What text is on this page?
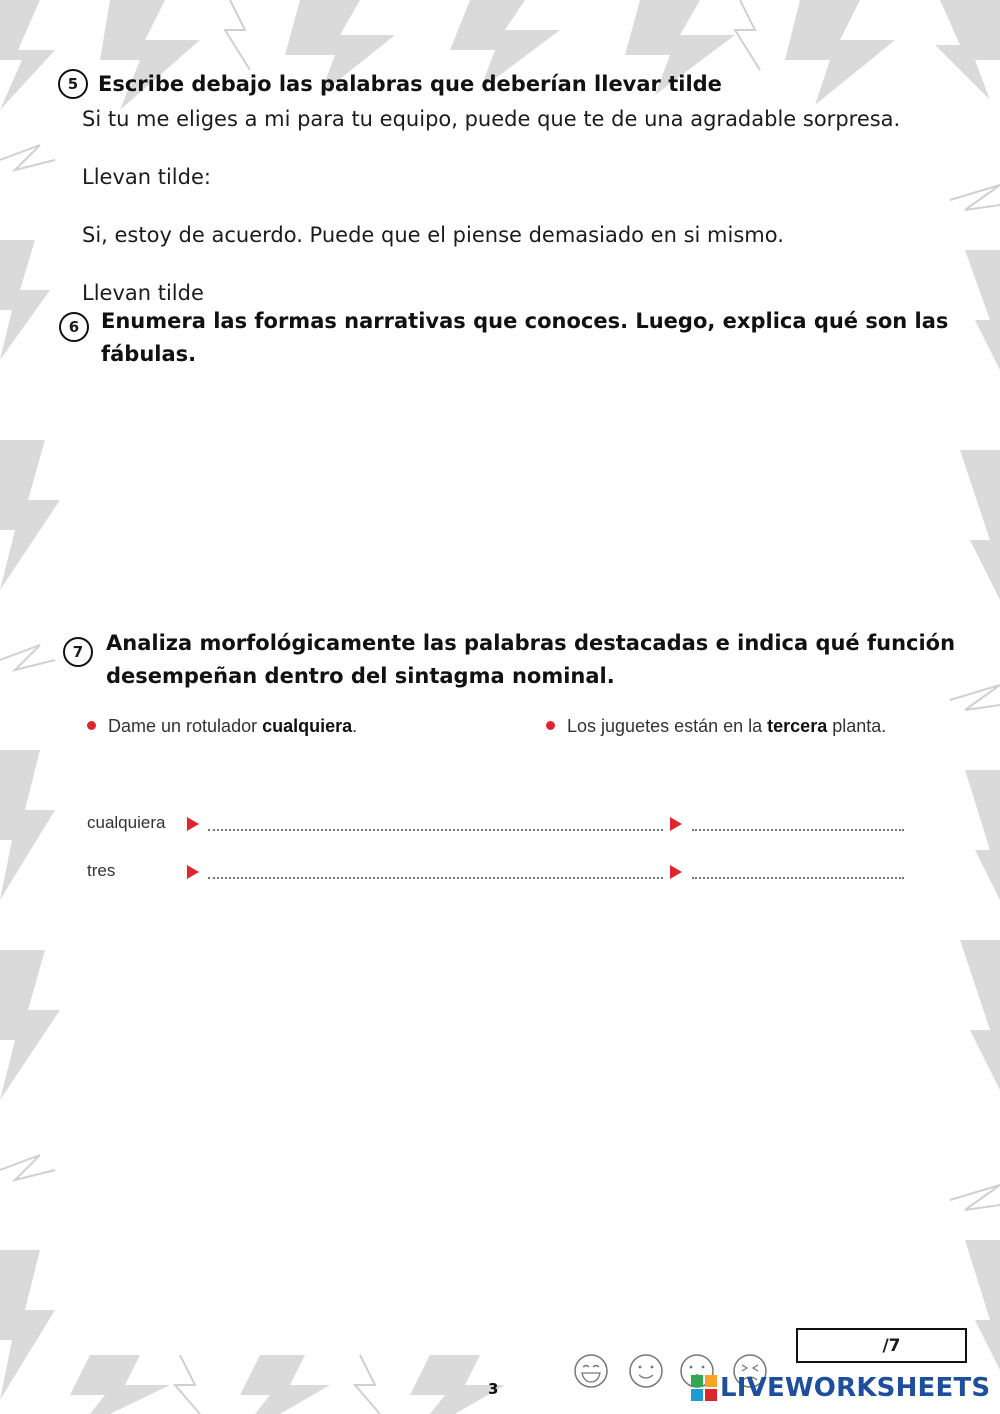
5 Escribe debajo las palabras que deberían llevar tilde
Si tu me eliges a mi para tu equipo, puede que te de una agradable sorpresa.
Llevan tilde:
Si, estoy de acuerdo. Puede que el piense demasiado en si mismo.
Llevan tilde
6 Enumera las formas narrativas que conoces. Luego, explica qué son las
fábulas.
7 Analiza morfológicamente las palabras destacadas e indica qué función
desempeñan dentro del sintagma nominal.
Dame un rotulador cualquiera.	Los juguetes están en la tercera planta.
cualquiera
tres
/7
3	LIVEWORKSHEETS
